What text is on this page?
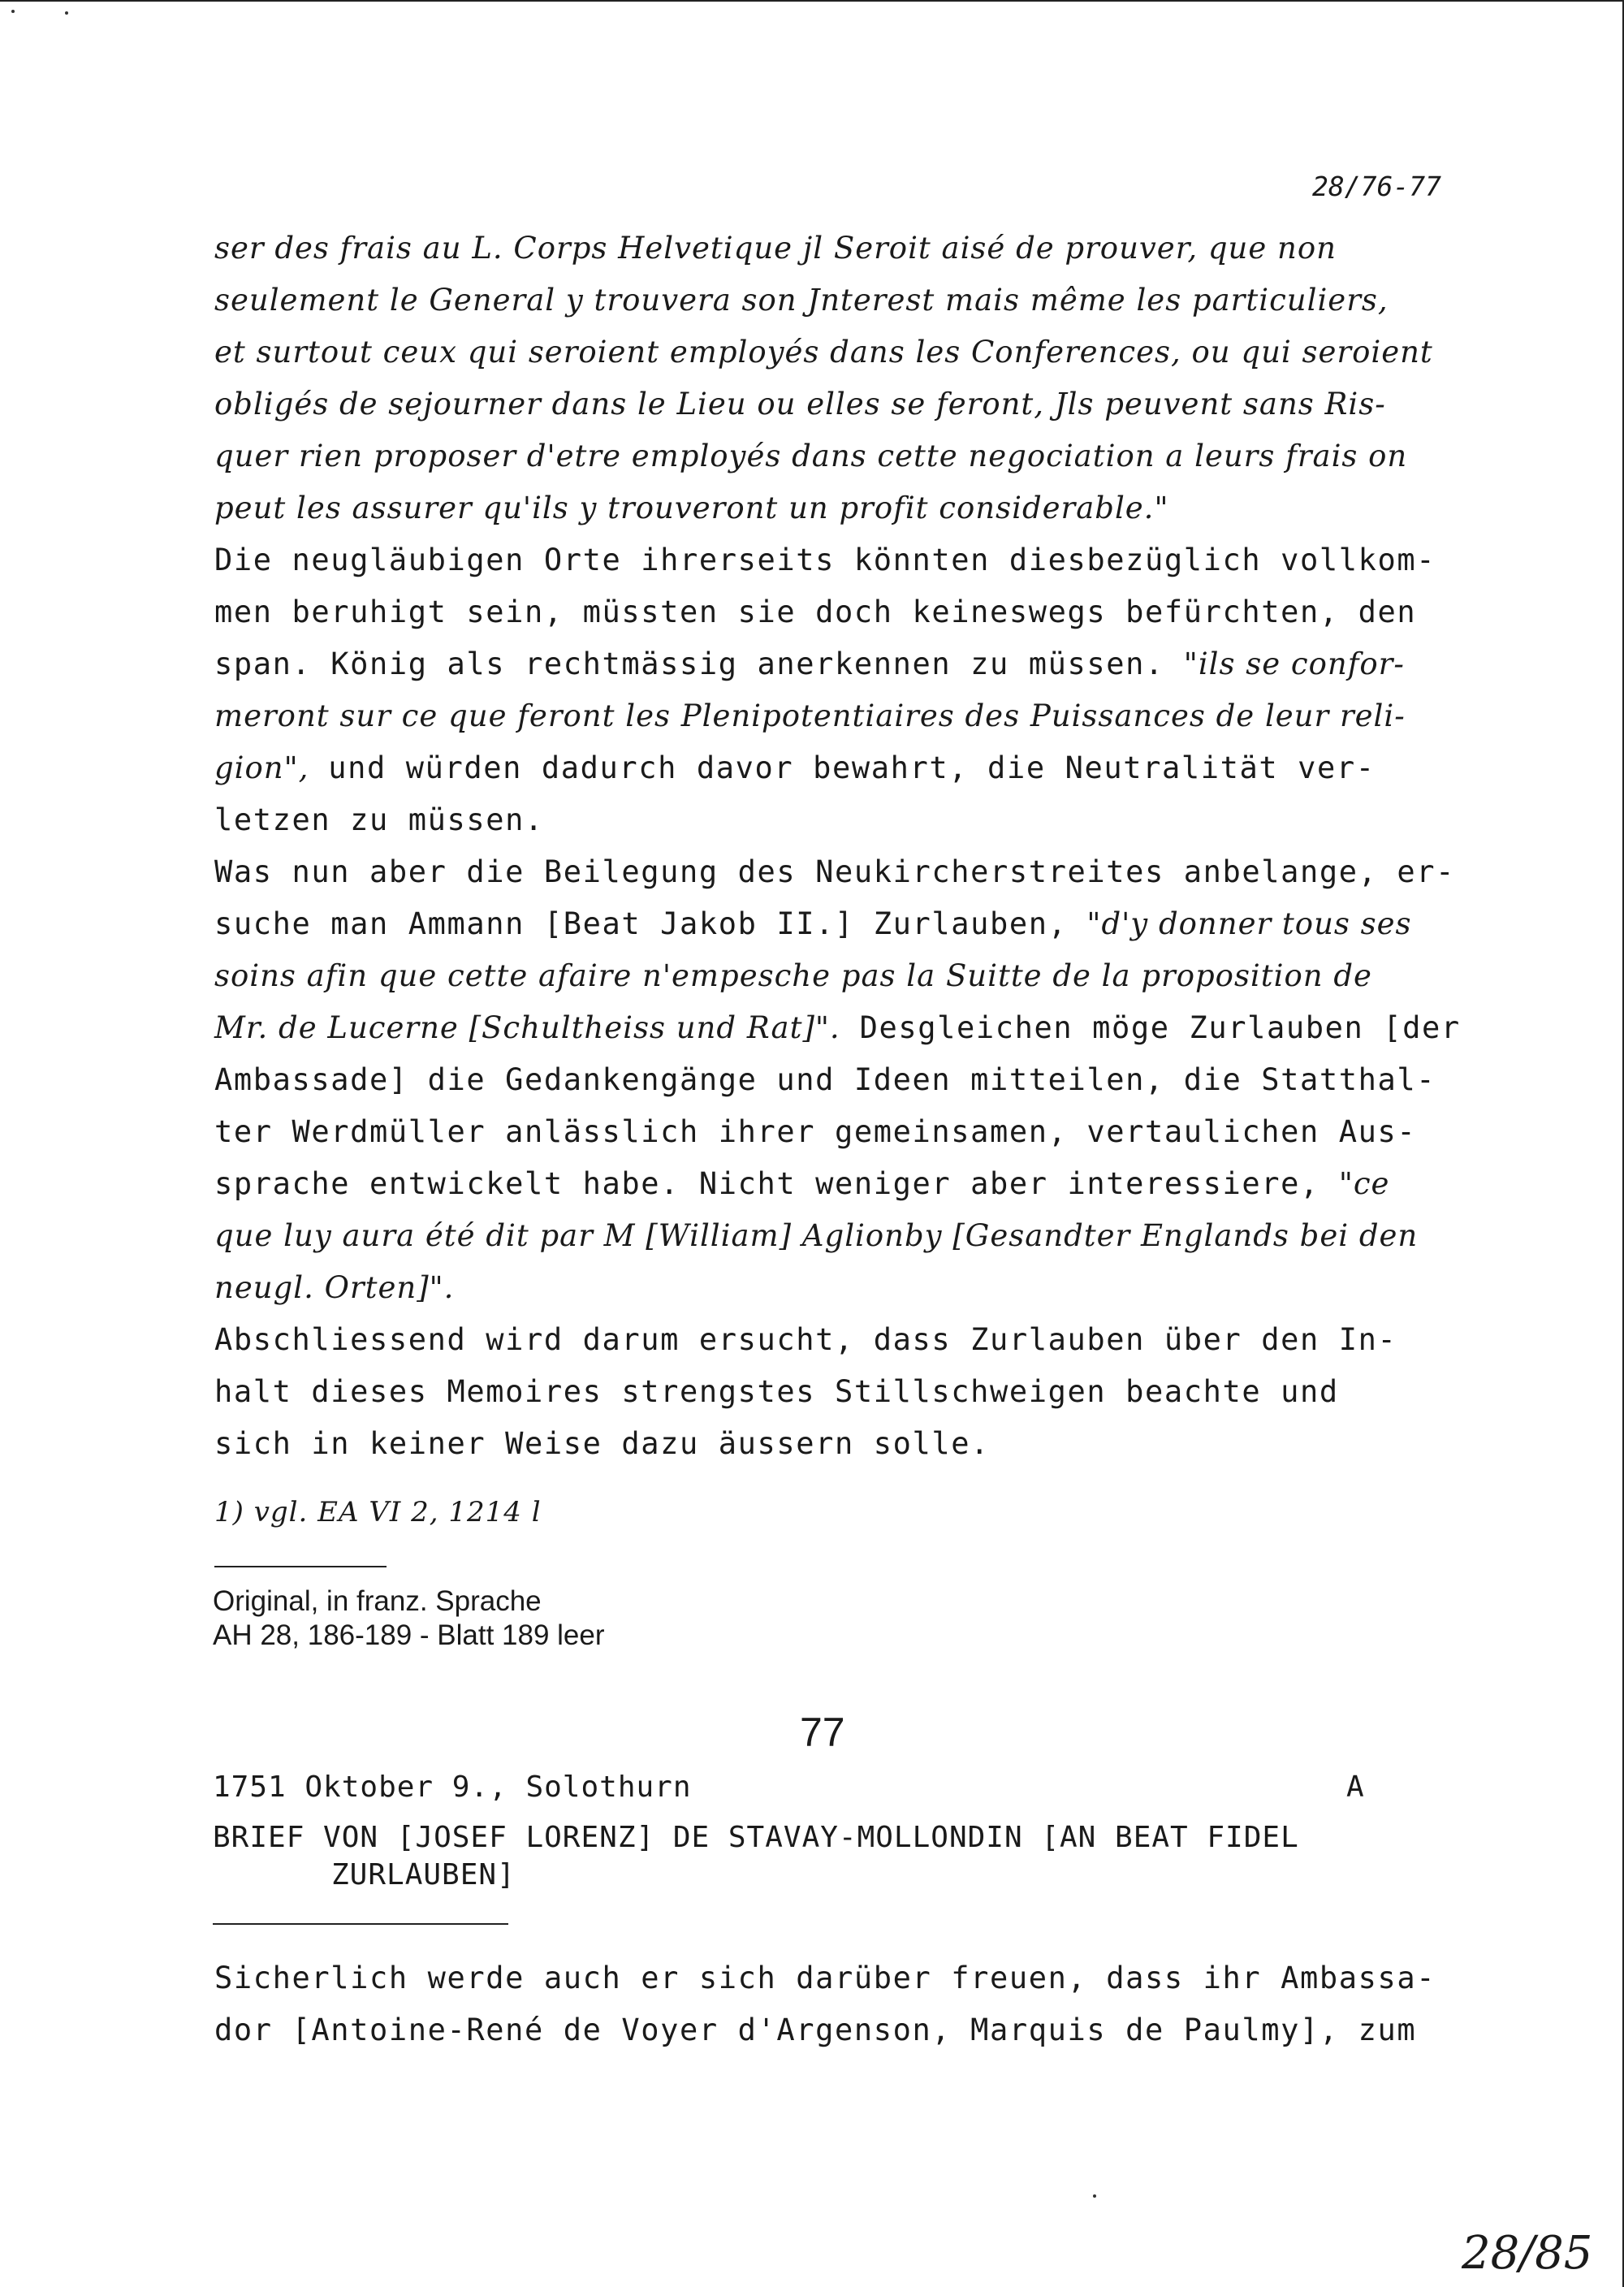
28/76-77
ser des frais au L. Corps Helvetique jl Seroit aisé de prouver, que non
seulement le General y trouvera son Jnterest mais même les particuliers,
et surtout ceux qui seroient employés dans les Conferences, ou qui seroient
obligés de sejourner dans le Lieu ou elles se feront, Jls peuvent sans Ris-
quer rien proposer d'etre employés dans cette negociation a leurs frais on
peut les assurer qu'ils y trouveront un profit considerable."
Die neugläubigen Orte ihrerseits könnten diesbezüglich vollkom-
men beruhigt sein, müssten sie doch keineswegs befürchten, den
span. König als rechtmässig anerkennen zu müssen. "ils se confor-
meront sur ce que feront les Plenipotentiaires des Puissances de leur reli-
gion", und würden dadurch davor bewahrt, die Neutralität ver-
letzen zu müssen.
Was nun aber die Beilegung des Neukircherstreites anbelange, er-
suche man Ammann [Beat Jakob II.] Zurlauben, "d'y donner tous ses
soins afin que cette afaire n'empesche pas la Suitte de la proposition de
Mr. de Lucerne [Schultheiss und Rat]". Desgleichen möge Zurlauben [der
Ambassade] die Gedankengänge und Ideen mitteilen, die Statthal-
ter Werdmüller anlässlich ihrer gemeinsamen, vertaulichen Aus-
sprache entwickelt habe. Nicht weniger aber interessiere, "ce
que luy aura été dit par M [William] Aglionby [Gesandter Englands bei den
neugl. Orten]".
Abschliessend wird darum ersucht, dass Zurlauben über den In-
halt dieses Memoires strengstes Stillschweigen beachte und
sich in keiner Weise dazu äussern solle.
1) vgl. EA VI 2, 1214 l
Original, in franz. Sprache
AH 28, 186-189 - Blatt 189 leer
77
1751 Oktober 9., Solothurn	A
BRIEF VON [JOSEF LORENZ] DE STAVAY-MOLLONDIN [AN BEAT FIDEL
ZURLAUBEN]
Sicherlich werde auch er sich darüber freuen, dass ihr Ambassa-
dor [Antoine-René de Voyer d'Argenson, Marquis de Paulmy], zum
28/85
